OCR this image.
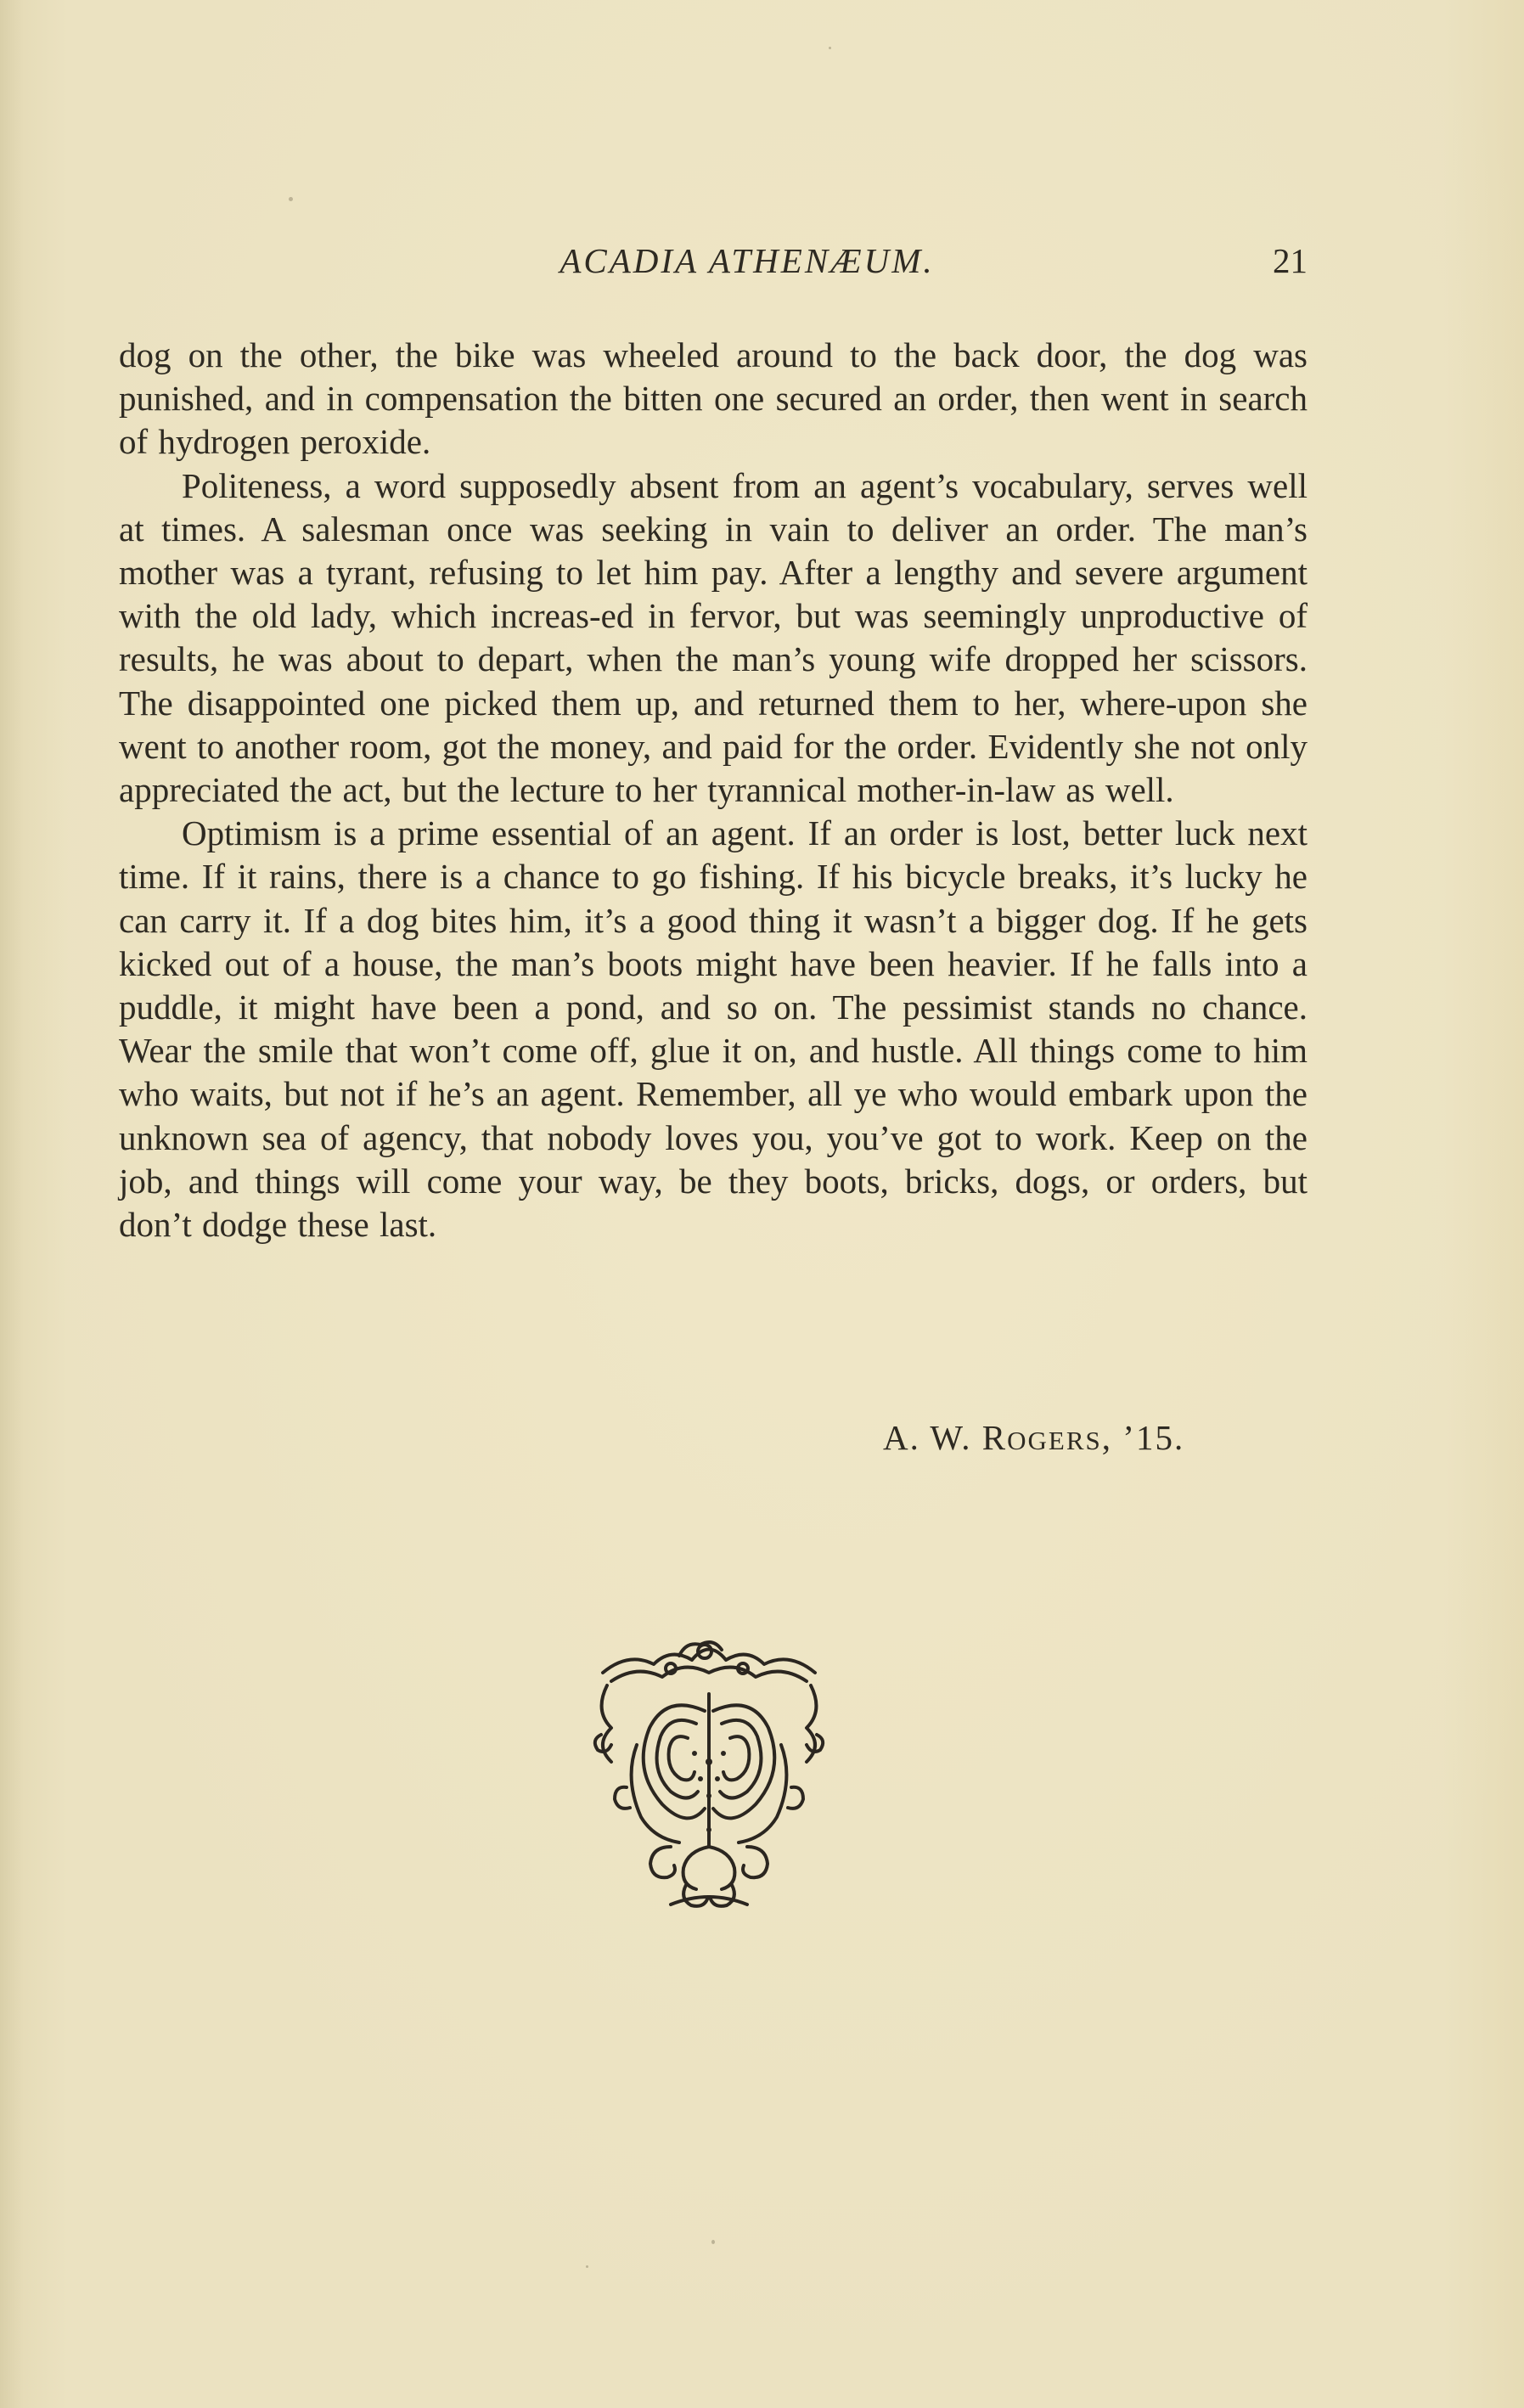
ACADIA ATHENÆUM.	21

dog on the other, the bike was wheeled around to the back door, the dog was punished, and in compensation the bitten one secured an order, then went in search of hydrogen peroxide.

Politeness, a word supposedly absent from an agent’s vocabulary, serves well at times. A salesman once was seeking in vain to deliver an order. The man’s mother was a tyrant, refusing to let him pay. After a lengthy and severe argument with the old lady, which increas-ed in fervor, but was seemingly unproductive of results, he was about to depart, when the man’s young wife dropped her scissors. The disappointed one picked them up, and returned them to her, where-upon she went to another room, got the money, and paid for the order. Evidently she not only appreciated the act, but the lecture to her tyrannical mother-in-law as well.

Optimism is a prime essential of an agent. If an order is lost, better luck next time. If it rains, there is a chance to go fishing. If his bicycle breaks, it’s lucky he can carry it. If a dog bites him, it’s a good thing it wasn’t a bigger dog. If he gets kicked out of a house, the man’s boots might have been heavier. If he falls into a puddle, it might have been a pond, and so on. The pessimist stands no chance. Wear the smile that won’t come off, glue it on, and hustle. All things come to him who waits, but not if he’s an agent. Remember, all ye who would embark upon the unknown sea of agency, that nobody loves you, you’ve got to work. Keep on the job, and things will come your way, be they boots, bricks, dogs, or orders, but don’t dodge these last.

A. W. ROGERS, ’15.
